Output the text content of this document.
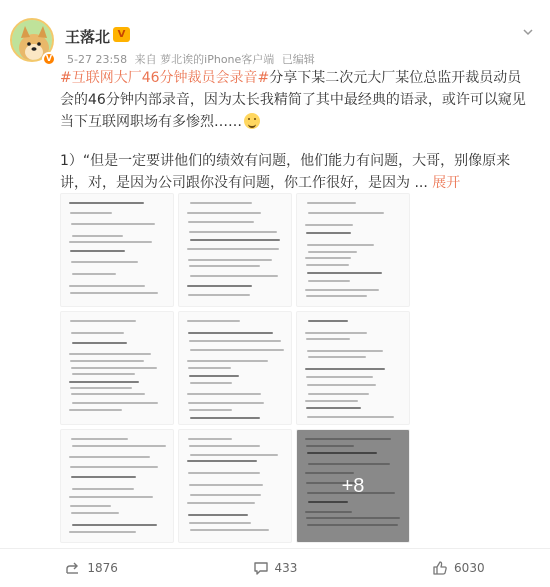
V
王落北 V
5-27 23:58 来自 萝北诶的iPhone客户端 已编辑
#互联网大厂46分钟裁员会录音#分享下某二次元大厂某位总监开裁员动员会的46分钟内部录音，因为太长我精简了其中最经典的语录，或许可以窥见当下互联网职场有多惨烈……
1）“但是一定要讲他们的绩效有问题，他们能力有问题，大哥，别像原来讲，对，是因为公司跟你没有问题，你工作很好，是因为 ... 展开
+8
1876	433	6030
